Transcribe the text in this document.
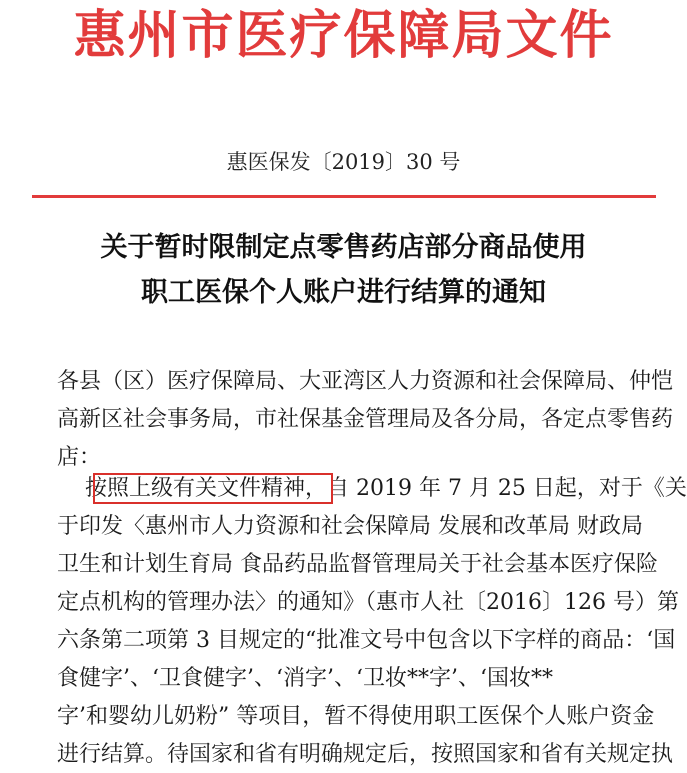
惠州市医疗保障局文件
惠医保发〔2019〕30 号
关于暂时限制定点零售药店部分商品使用
职工医保个人账户进行结算的通知
各县（区）医疗保障局、大亚湾区人力资源和社会保障局、仲恺
高新区社会事务局，市社保基金管理局及各分局，各定点零售药
店：
按照上级有关文件精神，自 2019 年 7 月 25 日起，对于《关
于印发〈惠州市人力资源和社会保障局 发展和改革局 财政局
卫生和计划生育局 食品药品监督管理局关于社会基本医疗保险
定点机构的管理办法〉的通知》（惠市人社〔2016〕126 号）第
六条第二项第 3 目规定的“批准文号中包含以下字样的商品：‘国
食健字’、‘卫食健字’、‘消字’、‘卫妆**字’、‘国妆**
字’和婴幼儿奶粉” 等项目，暂不得使用职工医保个人账户资金
进行结算。待国家和省有明确规定后，按照国家和省有关规定执
